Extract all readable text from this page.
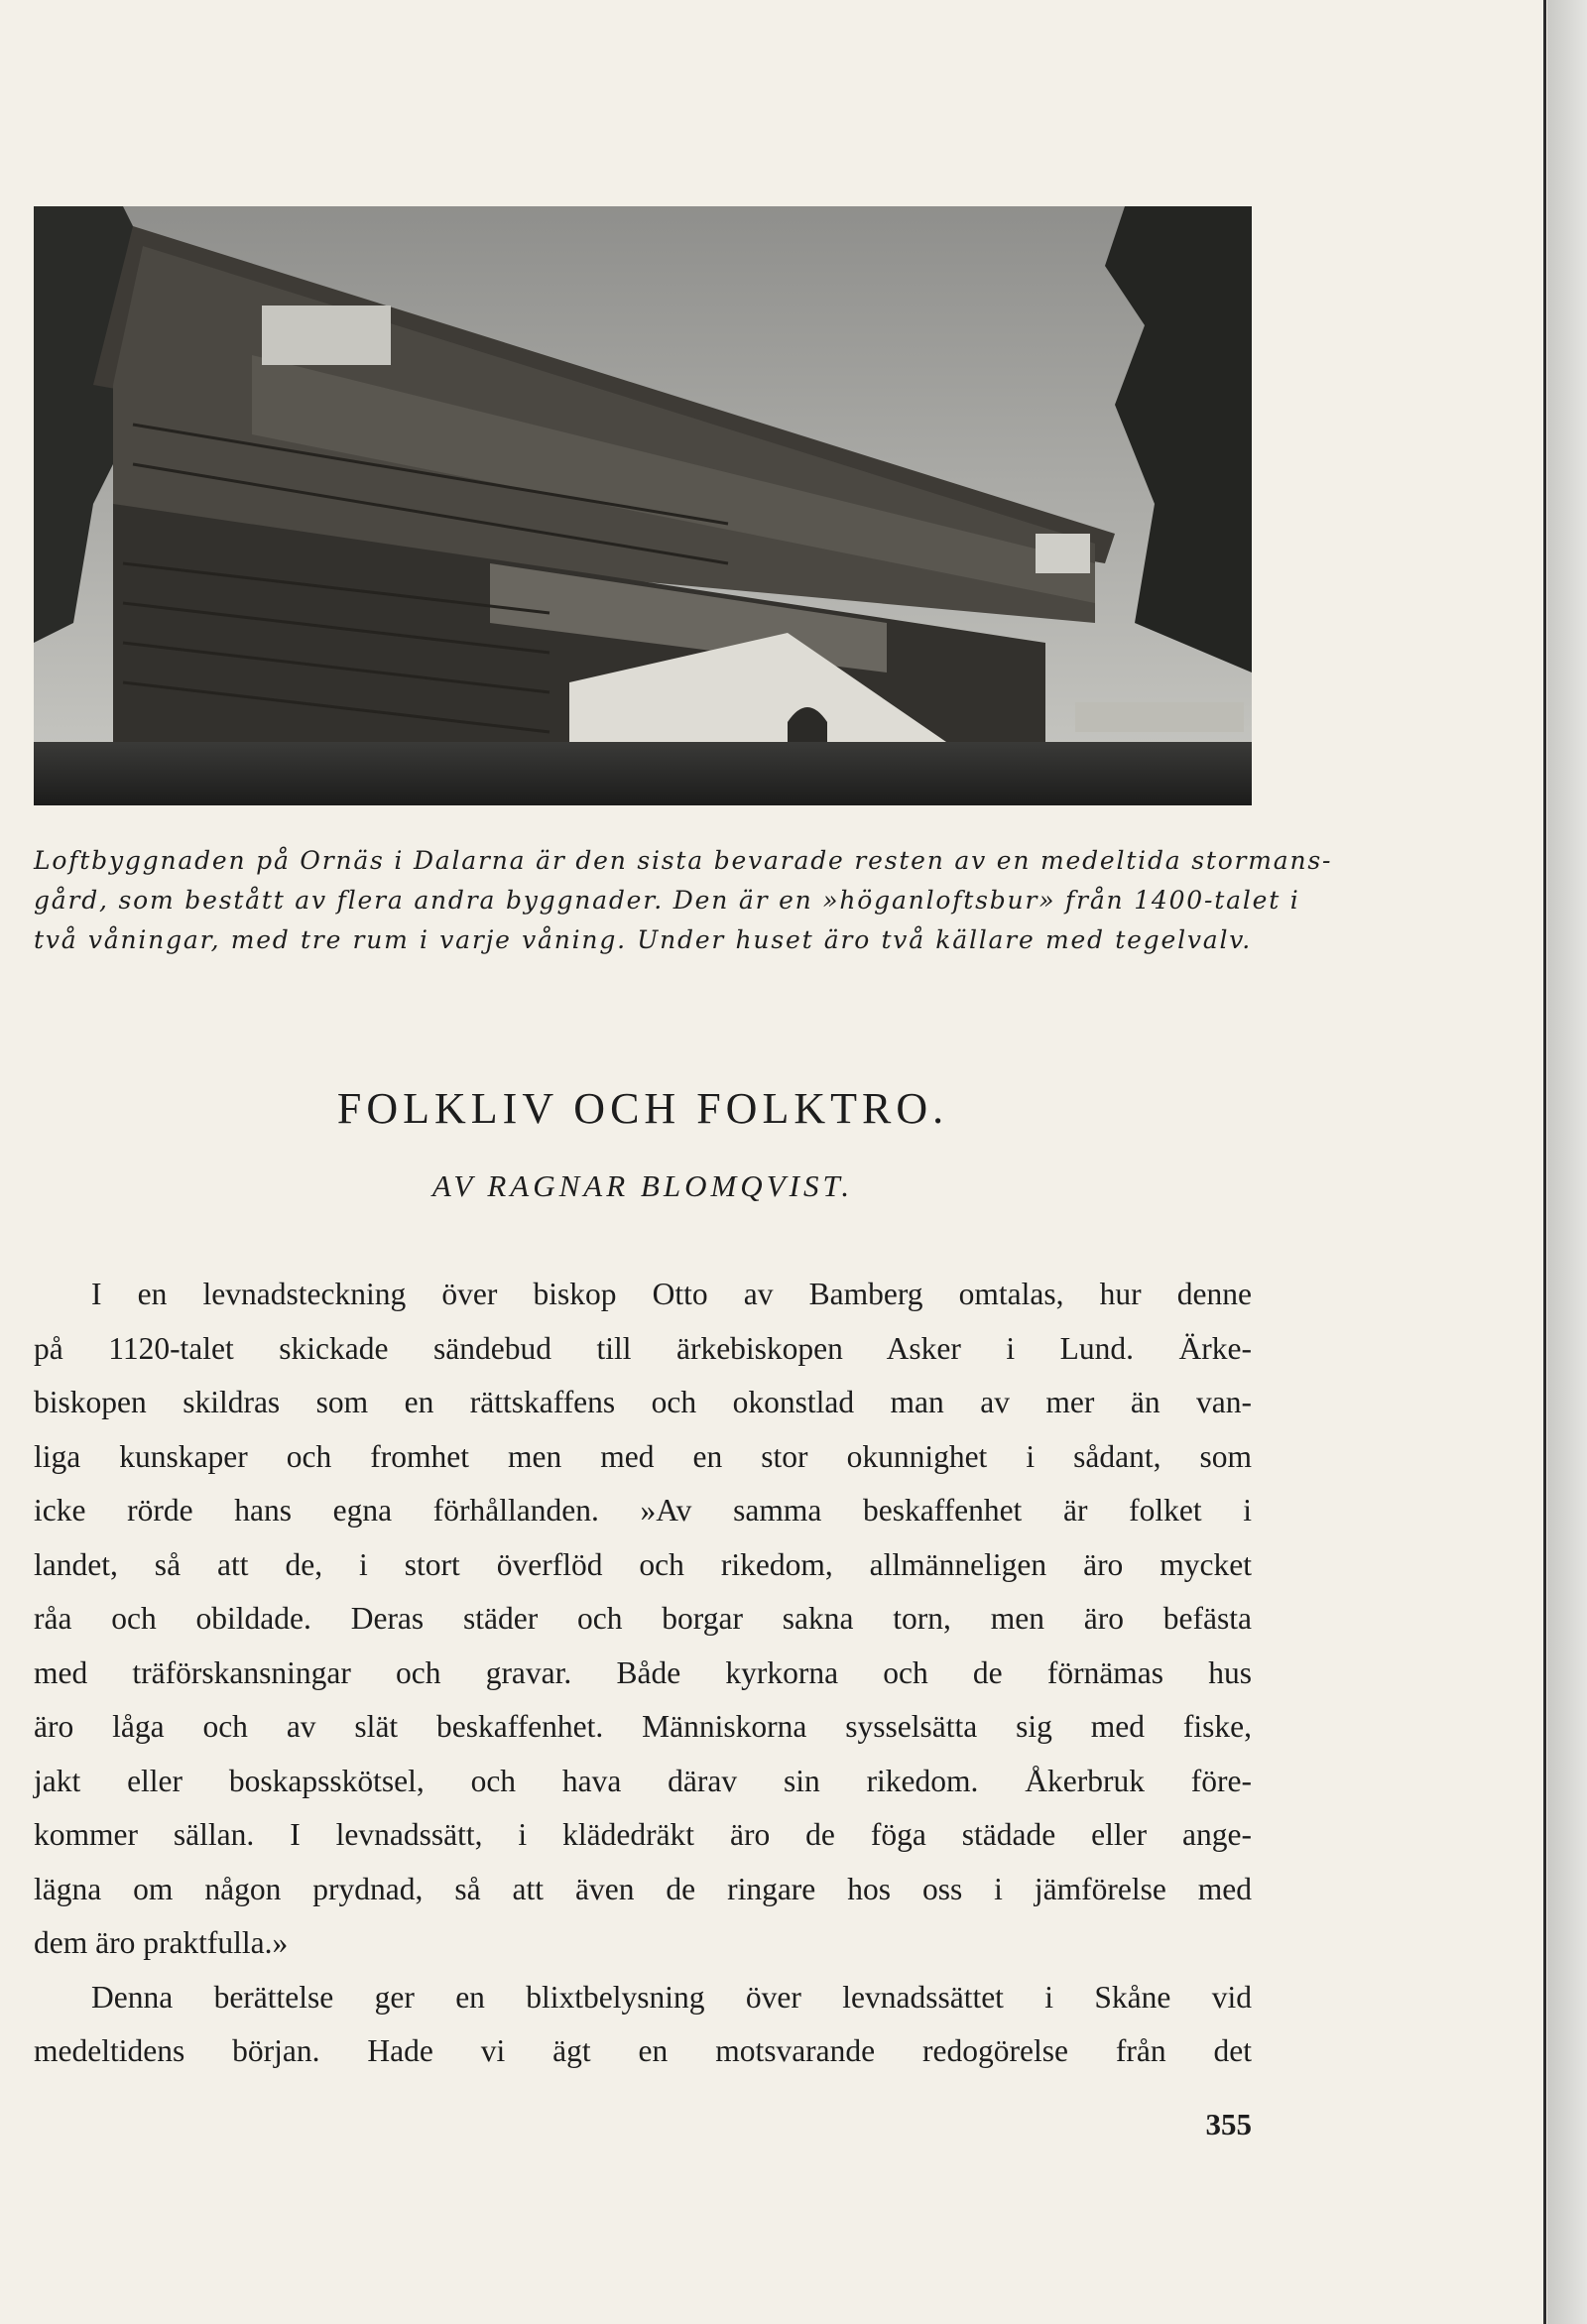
Loftbyggnaden på Ornäs i Dalarna är den sista bevarade resten av en medeltida stormans-
gård, som bestått av flera andra byggnader. Den är en »höganloftsbur» från 1400-talet i
två våningar, med tre rum i varje våning. Under huset äro två källare med tegelvalv.
FOLKLIV OCH FOLKTRO.
AV RAGNAR BLOMQVIST.
I en levnadsteckning över biskop Otto av Bamberg omtalas, hur denne
på 1120-talet skickade sändebud till ärkebiskopen Asker i Lund. Ärke-
biskopen skildras som en rättskaffens och okonstlad man av mer än van-
liga kunskaper och fromhet men med en stor okunnighet i sådant, som
icke rörde hans egna förhållanden. »Av samma beskaffenhet är folket i
landet, så att de, i stort överflöd och rikedom, allmänneligen äro mycket
råa och obildade. Deras städer och borgar sakna torn, men äro befästa
med träförskansningar och gravar. Både kyrkorna och de förnämas hus
äro låga och av slät beskaffenhet. Människorna sysselsätta sig med fiske,
jakt eller boskapsskötsel, och hava därav sin rikedom. Åkerbruk före-
kommer sällan. I levnadssätt, i klädedräkt äro de föga städade eller ange-
lägna om någon prydnad, så att även de ringare hos oss i jämförelse med
dem äro praktfulla.»
Denna berättelse ger en blixtbelysning över levnadssättet i Skåne vid
medeltidens början. Hade vi ägt en motsvarande redogörelse från det
355
